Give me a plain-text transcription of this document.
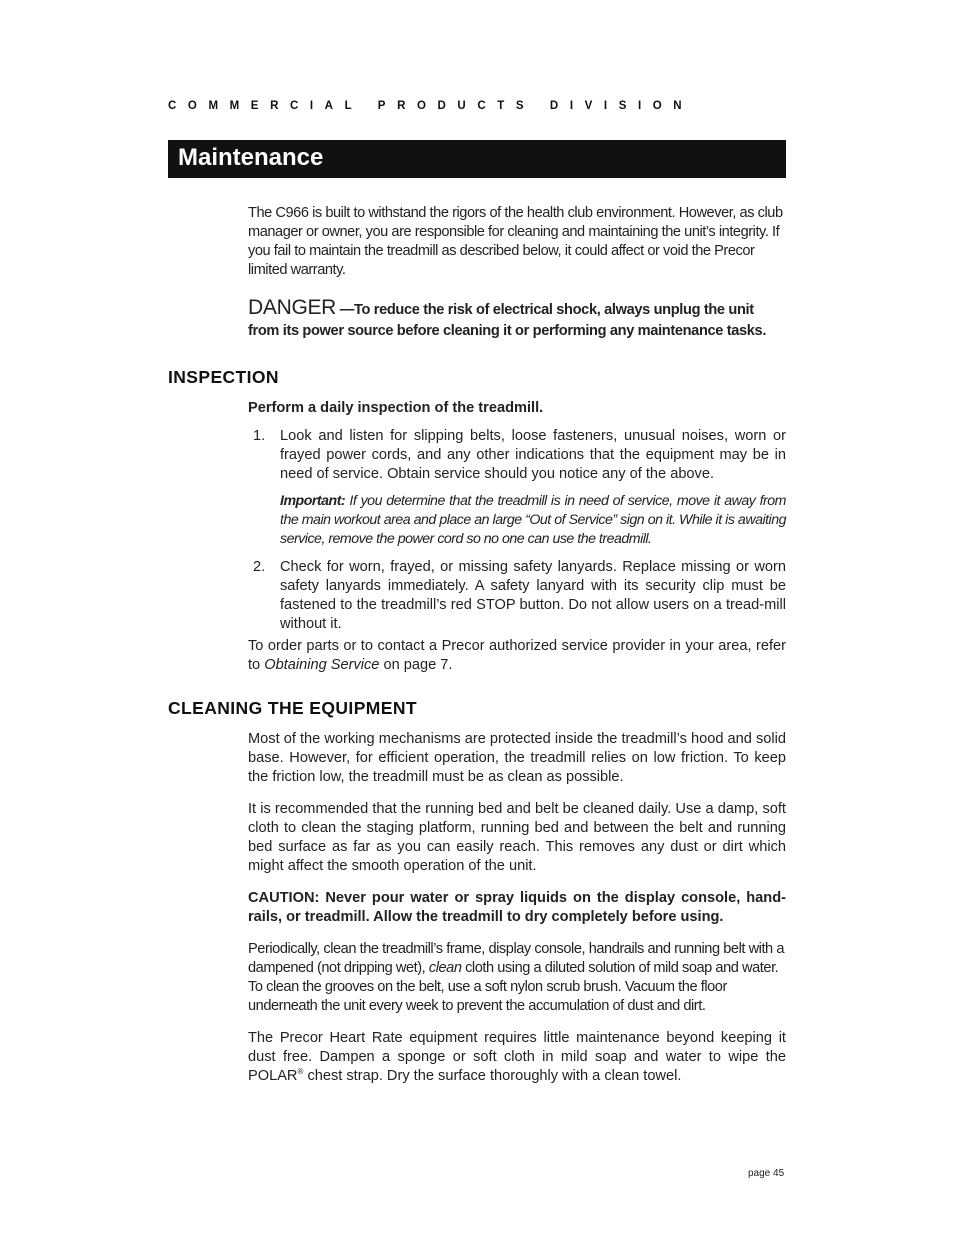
COMMERCIAL PRODUCTS DIVISION
Maintenance
The C966 is built to withstand the rigors of the health club environment. However, as club manager or owner, you are responsible for cleaning and maintaining the unit’s integrity. If you fail to maintain the treadmill as described below, it could affect or void the Precor limited warranty.
DANGER —To reduce the risk of electrical shock, always unplug the unit from its power source before cleaning it or performing any maintenance tasks.
INSPECTION
Perform a daily inspection of the treadmill.
1. Look and listen for slipping belts, loose fasteners, unusual noises, worn or frayed power cords, and any other indications that the equipment may be in need of service. Obtain service should you notice any of the above.
Important: If you determine that the treadmill is in need of service, move it away from the main workout area and place an large “Out of Service” sign on it. While it is awaiting service, remove the power cord so no one can use the treadmill.
2. Check for worn, frayed, or missing safety lanyards. Replace missing or worn safety lanyards immediately. A safety lanyard with its security clip must be fastened to the treadmill’s red STOP button. Do not allow users on a tread-mill without it.
To order parts or to contact a Precor authorized service provider in your area, refer to Obtaining Service on page 7.
CLEANING THE EQUIPMENT
Most of the working mechanisms are protected inside the treadmill’s hood and solid base. However, for efficient operation, the treadmill relies on low friction. To keep the friction low, the treadmill must be as clean as possible.
It is recommended that the running bed and belt be cleaned daily. Use a damp, soft cloth to clean the staging platform, running bed and between the belt and running bed surface as far as you can easily reach. This removes any dust or dirt which might affect the smooth operation of the unit.
CAUTION: Never pour water or spray liquids on the display console, hand-rails, or treadmill. Allow the treadmill to dry completely before using.
Periodically, clean the treadmill’s frame, display console, handrails and running belt with a dampened (not dripping wet), clean cloth using a diluted solution of mild soap and water. To clean the grooves on the belt, use a soft nylon scrub brush. Vacuum the floor underneath the unit every week to prevent the accumulation of dust and dirt.
The Precor Heart Rate equipment requires little maintenance beyond keeping it dust free. Dampen a sponge or soft cloth in mild soap and water to wipe the POLAR® chest strap. Dry the surface thoroughly with a clean towel.
page 45
